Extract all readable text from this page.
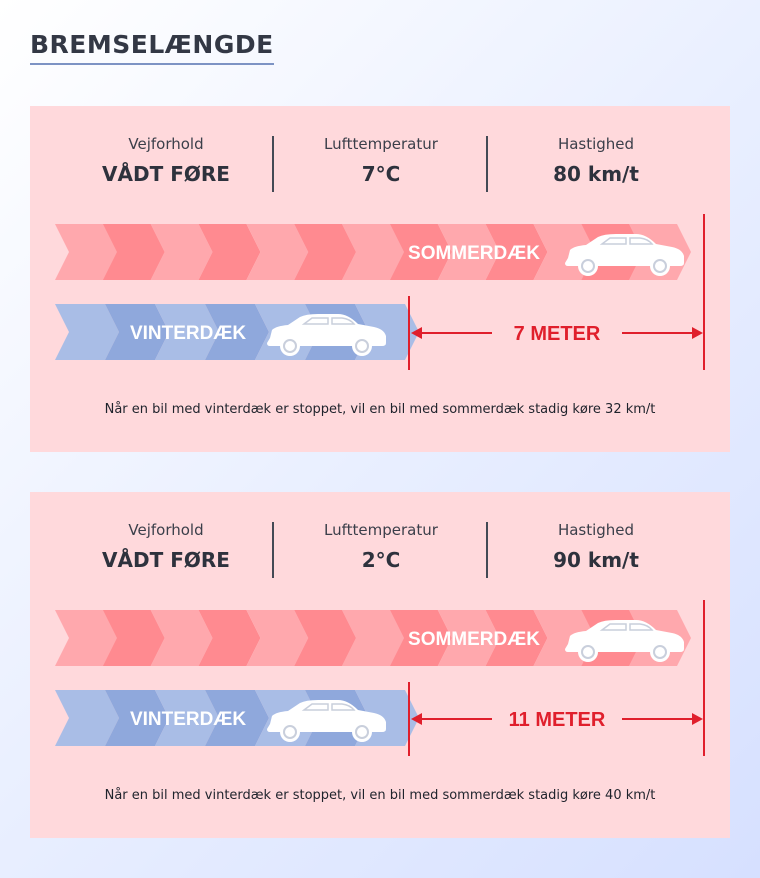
BREMSELÆNGDE
Vejforhold
VÅDT FØRE
Lufttemperatur
7°C
Hastighed
80 km/t
SOMMERDÆK
VINTERDÆK	7 METER
Når en bil med vinterdæk er stoppet, vil en bil med sommerdæk stadig køre 32 km/t
Vejforhold
VÅDT FØRE
Lufttemperatur
2°C
Hastighed
90 km/t
SOMMERDÆK
VINTERDÆK	11 METER
Når en bil med vinterdæk er stoppet, vil en bil med sommerdæk stadig køre 40 km/t
